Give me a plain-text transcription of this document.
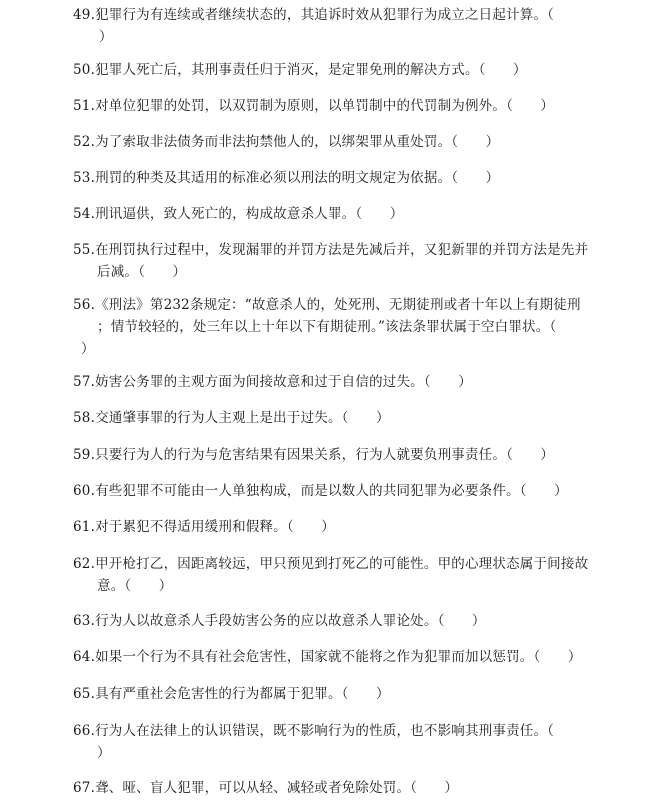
49.犯罪行为有连续或者继续状态的，其追诉时效从犯罪行为成立之日起计算。（
）

50.犯罪人死亡后，其刑事责任归于消灭，是定罪免刑的解决方式。（　　）

51.对单位犯罪的处罚，以双罚制为原则，以单罚制中的代罚制为例外。（　　）

52.为了索取非法债务而非法拘禁他人的，以绑架罪从重处罚。（　　）

53.刑罚的种类及其适用的标准必须以刑法的明文规定为依据。（　　）

54.刑讯逼供，致人死亡的，构成故意杀人罪。（　　）

55.在刑罚执行过程中，发现漏罪的并罚方法是先减后并，又犯新罪的并罚方法是先并
后减。（　　）

56.《刑法》第232条规定：“故意杀人的，处死刑、无期徒刑或者十年以上有期徒刑
；情节较轻的，处三年以上十年以下有期徒刑。”该法条罪状属于空白罪状。（
）

57.妨害公务罪的主观方面为间接故意和过于自信的过失。（　　）

58.交通肇事罪的行为人主观上是出于过失。（　　）

59.只要行为人的行为与危害结果有因果关系，行为人就要负刑事责任。（　　）

60.有些犯罪不可能由一人单独构成，而是以数人的共同犯罪为必要条件。（　　）

61.对于累犯不得适用缓刑和假释。（　　）

62.甲开枪打乙，因距离较远，甲只预见到打死乙的可能性。甲的心理状态属于间接故
意。（　　）

63.行为人以故意杀人手段妨害公务的应以故意杀人罪论处。（　　）

64.如果一个行为不具有社会危害性，国家就不能将之作为犯罪而加以惩罚。（　　）

65.具有严重社会危害性的行为都属于犯罪。（　　）

66.行为人在法律上的认识错误，既不影响行为的性质，也不影响其刑事责任。（
）

67.聋、哑、盲人犯罪，可以从轻、减轻或者免除处罚。（　　）
